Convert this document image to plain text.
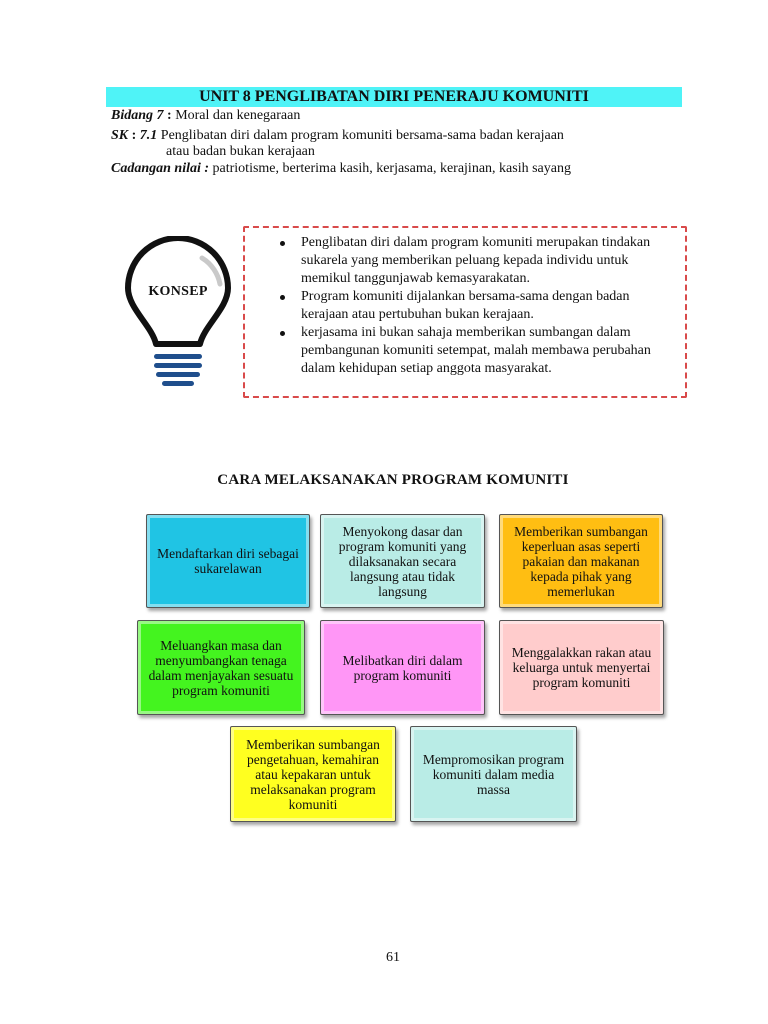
UNIT 8 PENGLIBATAN DIRI PENERAJU KOMUNITI
Bidang 7 : Moral dan kenegaraan
SK : 7.1 Penglibatan diri dalam program komuniti bersama-sama badan kerajaan
atau badan bukan kerajaan
Cadangan nilai : patriotisme, berterima kasih, kerjasama, kerajinan, kasih sayang
KONSEP
Penglibatan diri dalam program komuniti merupakan tindakan sukarela yang memberikan peluang kepada individu untuk memikul tanggunjawab kemasyarakatan.
Program komuniti dijalankan bersama-sama dengan badan kerajaan atau pertubuhan bukan kerajaan.
kerjasama ini bukan sahaja memberikan sumbangan dalam pembangunan komuniti setempat, malah membawa perubahan dalam kehidupan setiap anggota masyarakat.
CARA MELAKSANAKAN PROGRAM KOMUNITI
Mendaftarkan diri sebagai sukarelawan
Menyokong dasar dan program komuniti yang dilaksanakan secara langsung atau tidak langsung
Memberikan sumbangan keperluan asas seperti pakaian dan makanan kepada pihak yang memerlukan
Meluangkan masa dan menyumbangkan tenaga dalam menjayakan sesuatu program komuniti
Melibatkan diri dalam program komuniti
Menggalakkan rakan atau keluarga untuk menyertai program komuniti
Memberikan sumbangan pengetahuan, kemahiran atau kepakaran untuk melaksanakan program komuniti
Mempromosikan program komuniti dalam media massa
61
